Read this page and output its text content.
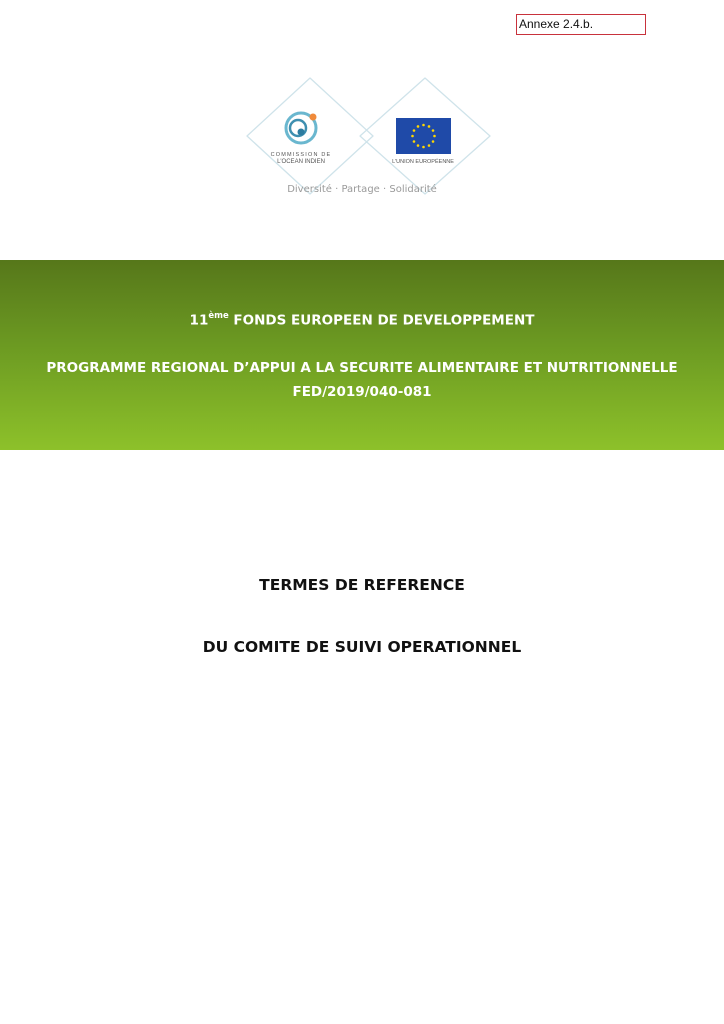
Annexe 2.4.b.
COMMISSION DE
L'OCEAN INDIEN	L'UNION EUROPÉENNE
Diversité · Partage · Solidarité
11ème FONDS EUROPEEN DE DEVELOPPEMENT
PROGRAMME REGIONAL D’APPUI A LA SECURITE ALIMENTAIRE ET NUTRITIONNELLE
FED/2019/040-081
TERMES DE REFERENCE
DU COMITE DE SUIVI OPERATIONNEL
